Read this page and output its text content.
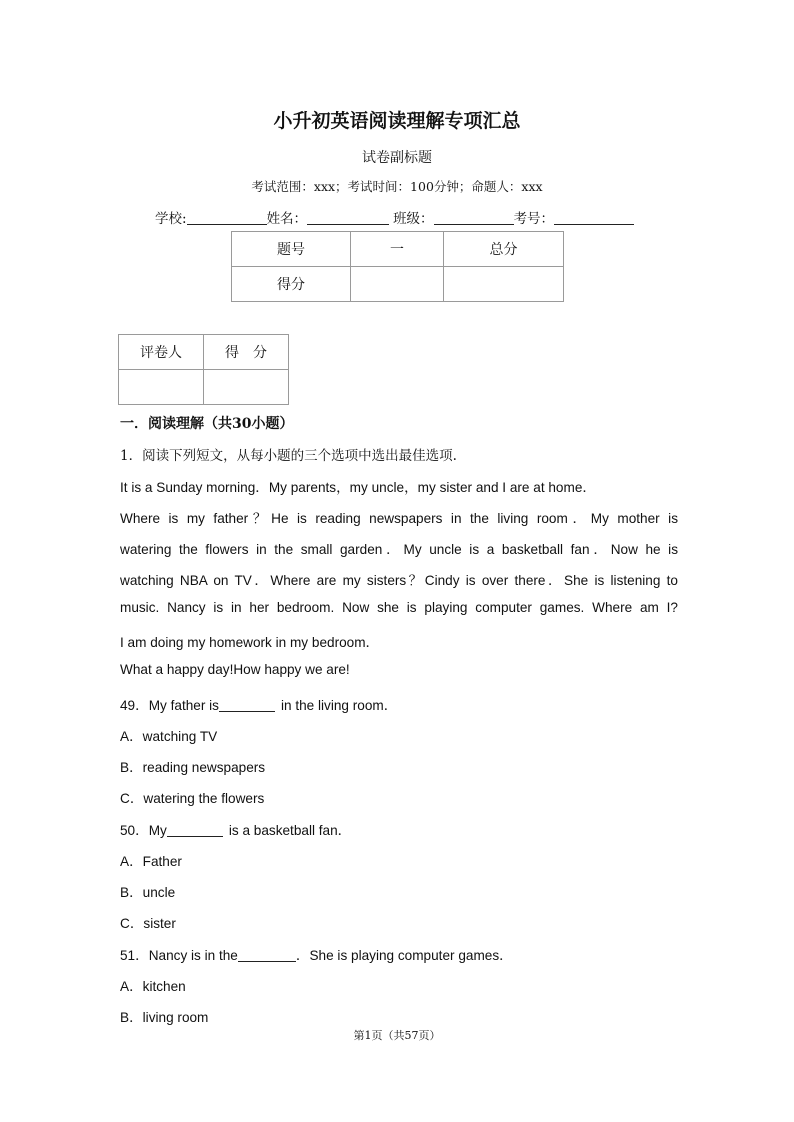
小升初英语阅读理解专项汇总
试卷副标题
考试范围：xxx；考试时间：100分钟；命题人：xxx
学校:	姓名：	班级：	考号：
题号	一	总分
得分		
评卷人	得　分

一．阅读理解（共30小题）
1．阅读下列短文，从每小题的三个选项中选出最佳选项.
It is a Sunday morning．My parents，my uncle，my sister and I are at home．
Where is my father？He is reading newspapers in the living room．My mother is
watering the flowers in the small garden．My uncle is a basketball fan．Now he is
watching NBA on TV．Where are my sisters？Cindy is over there．She is listening to
music. Nancy is in her bedroom. Now she is playing computer games. Where am I?
I am doing my homework in my bedroom．
What a happy day!How happy we are!
49．My father is	in the living room．
A．watching TV
B．reading newspapers
C．watering the flowers
50．My	is a basketball fan．
A．Father
B．uncle
C．sister
51．Nancy is in the	．She is playing computer games．
A．kitchen
B．living room
第1页（共57页）
